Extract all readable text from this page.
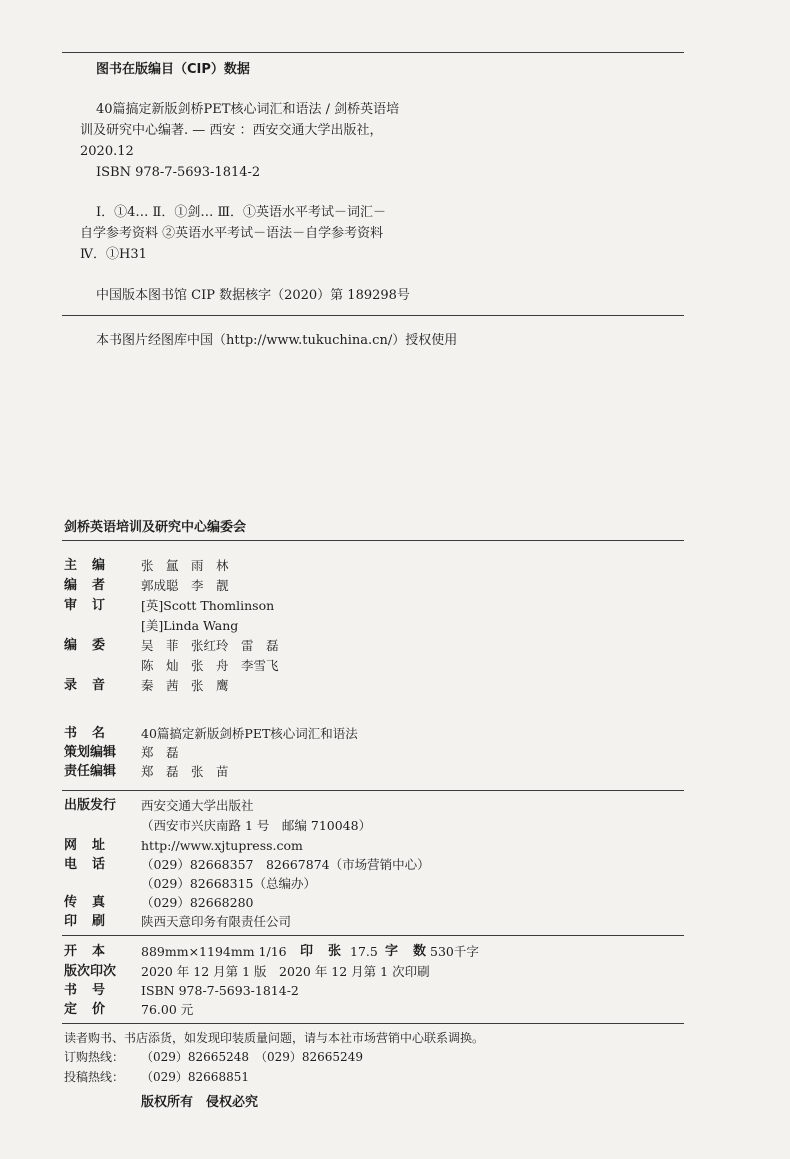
图书在版编目（CIP）数据
40篇搞定新版剑桥PET核心词汇和语法 / 剑桥英语培
训及研究中心编著. — 西安 ：西安交通大学出版社，
2020.12
ISBN 978-7-5693-1814-2
Ⅰ．①4… Ⅱ．①剑… Ⅲ．①英语水平考试－词汇－
自学参考资料 ②英语水平考试－语法－自学参考资料
Ⅳ．①H31
中国版本图书馆 CIP 数据核字（2020）第 189298号
本书图片经图库中国（http://www.tukuchina.cn/）授权使用
剑桥英语培训及研究中心编委会
主　编	张　氲　雨　林
编　者	郭成聪　李　靓
审　订	[英]Scott Thomlinson
[美]Linda Wang
编　委	吴　菲　张红玲　雷　磊
陈　灿　张　舟　李雪飞
录　音	秦　茜　张　鹰
书　名	40篇搞定新版剑桥PET核心词汇和语法
策划编辑 郑　磊
责任编辑 郑　磊　张　苗
出版发行 西安交通大学出版社
（西安市兴庆南路 1 号　邮编 710048）
网　址	http://www.xjtupress.com
电　话	（029）82668357　82667874（市场营销中心）
（029）82668315（总编办）
传　真	（029）82668280
印　刷	陕西天意印务有限责任公司
开　本	889mm×1194mm 1/16 印　张 17.5 字　数 530千字
版次印次 2020 年 12 月第 1 版　2020 年 12 月第 1 次印刷
书　号	ISBN 978-7-5693-1814-2
定　价	76.00 元
读者购书、书店添货，如发现印装质量问题，请与本社市场营销中心联系调换。
订购热线： （029）82665248　（029）82665249
投稿热线： （029）82668851
版权所有　侵权必究
